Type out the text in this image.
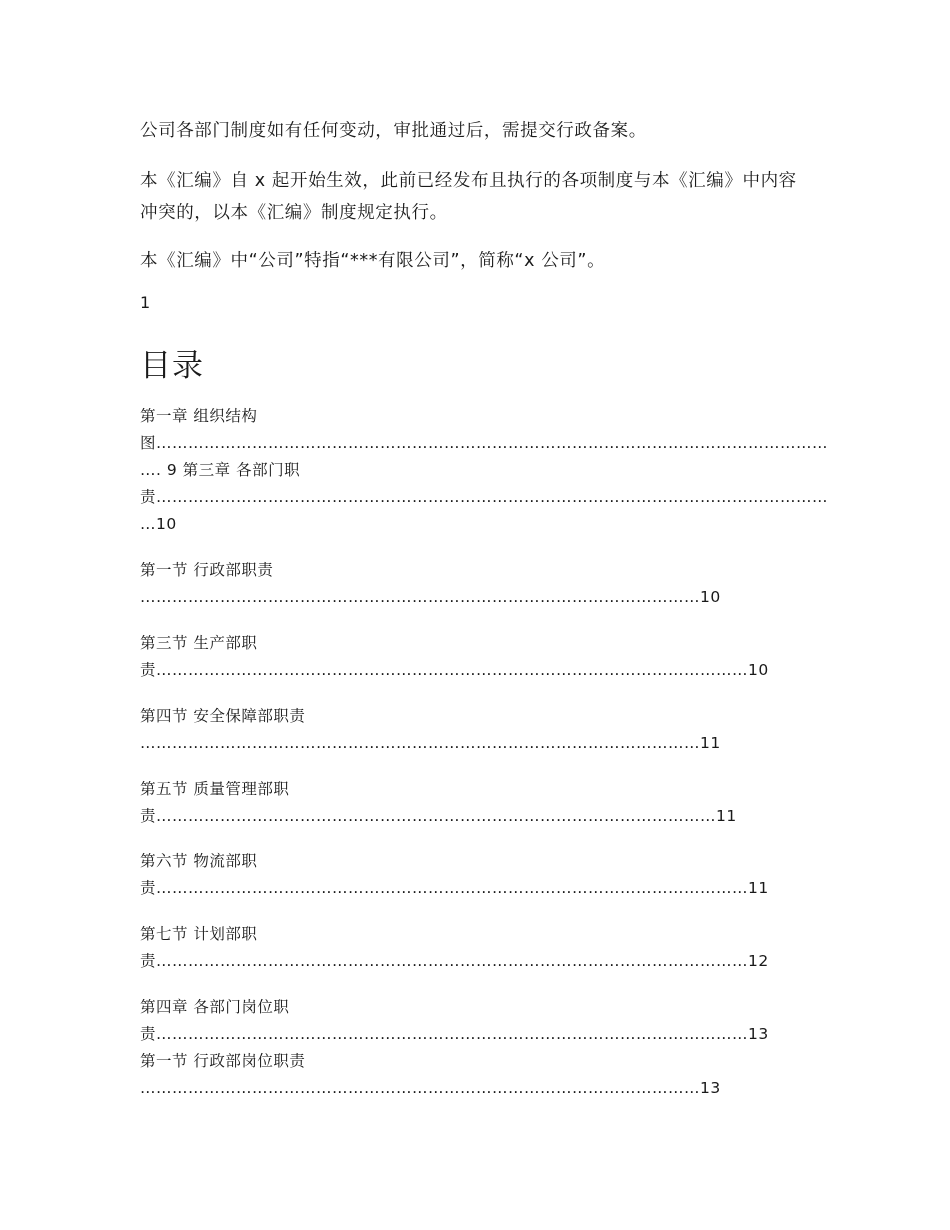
公司各部门制度如有任何变动，审批通过后，需提交行政备案。

本《汇编》自 x 起开始生效，此前已经发布且执行的各项制度与本《汇编》中内容冲突的，以本《汇编》制度规定执行。

本《汇编》中“公司”特指“***有限公司”，简称“x 公司”。

1

目录

第一章 组织结构

图………………………………………………………………………………………………………………

…. 9 第三章 各部门职

责………………………………………………………………………………………………………………

…10

第一节 行政部职责

……………………………………………………………………………………………10

第三节 生产部职

责…………………………………………………………………………………………………10

第四节 安全保障部职责

……………………………………………………………………………………………11

第五节 质量管理部职

责……………………………………………………………………………………………11

第六节 物流部职

责…………………………………………………………………………………………………11

第七节 计划部职

责…………………………………………………………………………………………………12

第四章 各部门岗位职

责…………………………………………………………………………………………………13

第一节 行政部岗位职责

……………………………………………………………………………………………13
